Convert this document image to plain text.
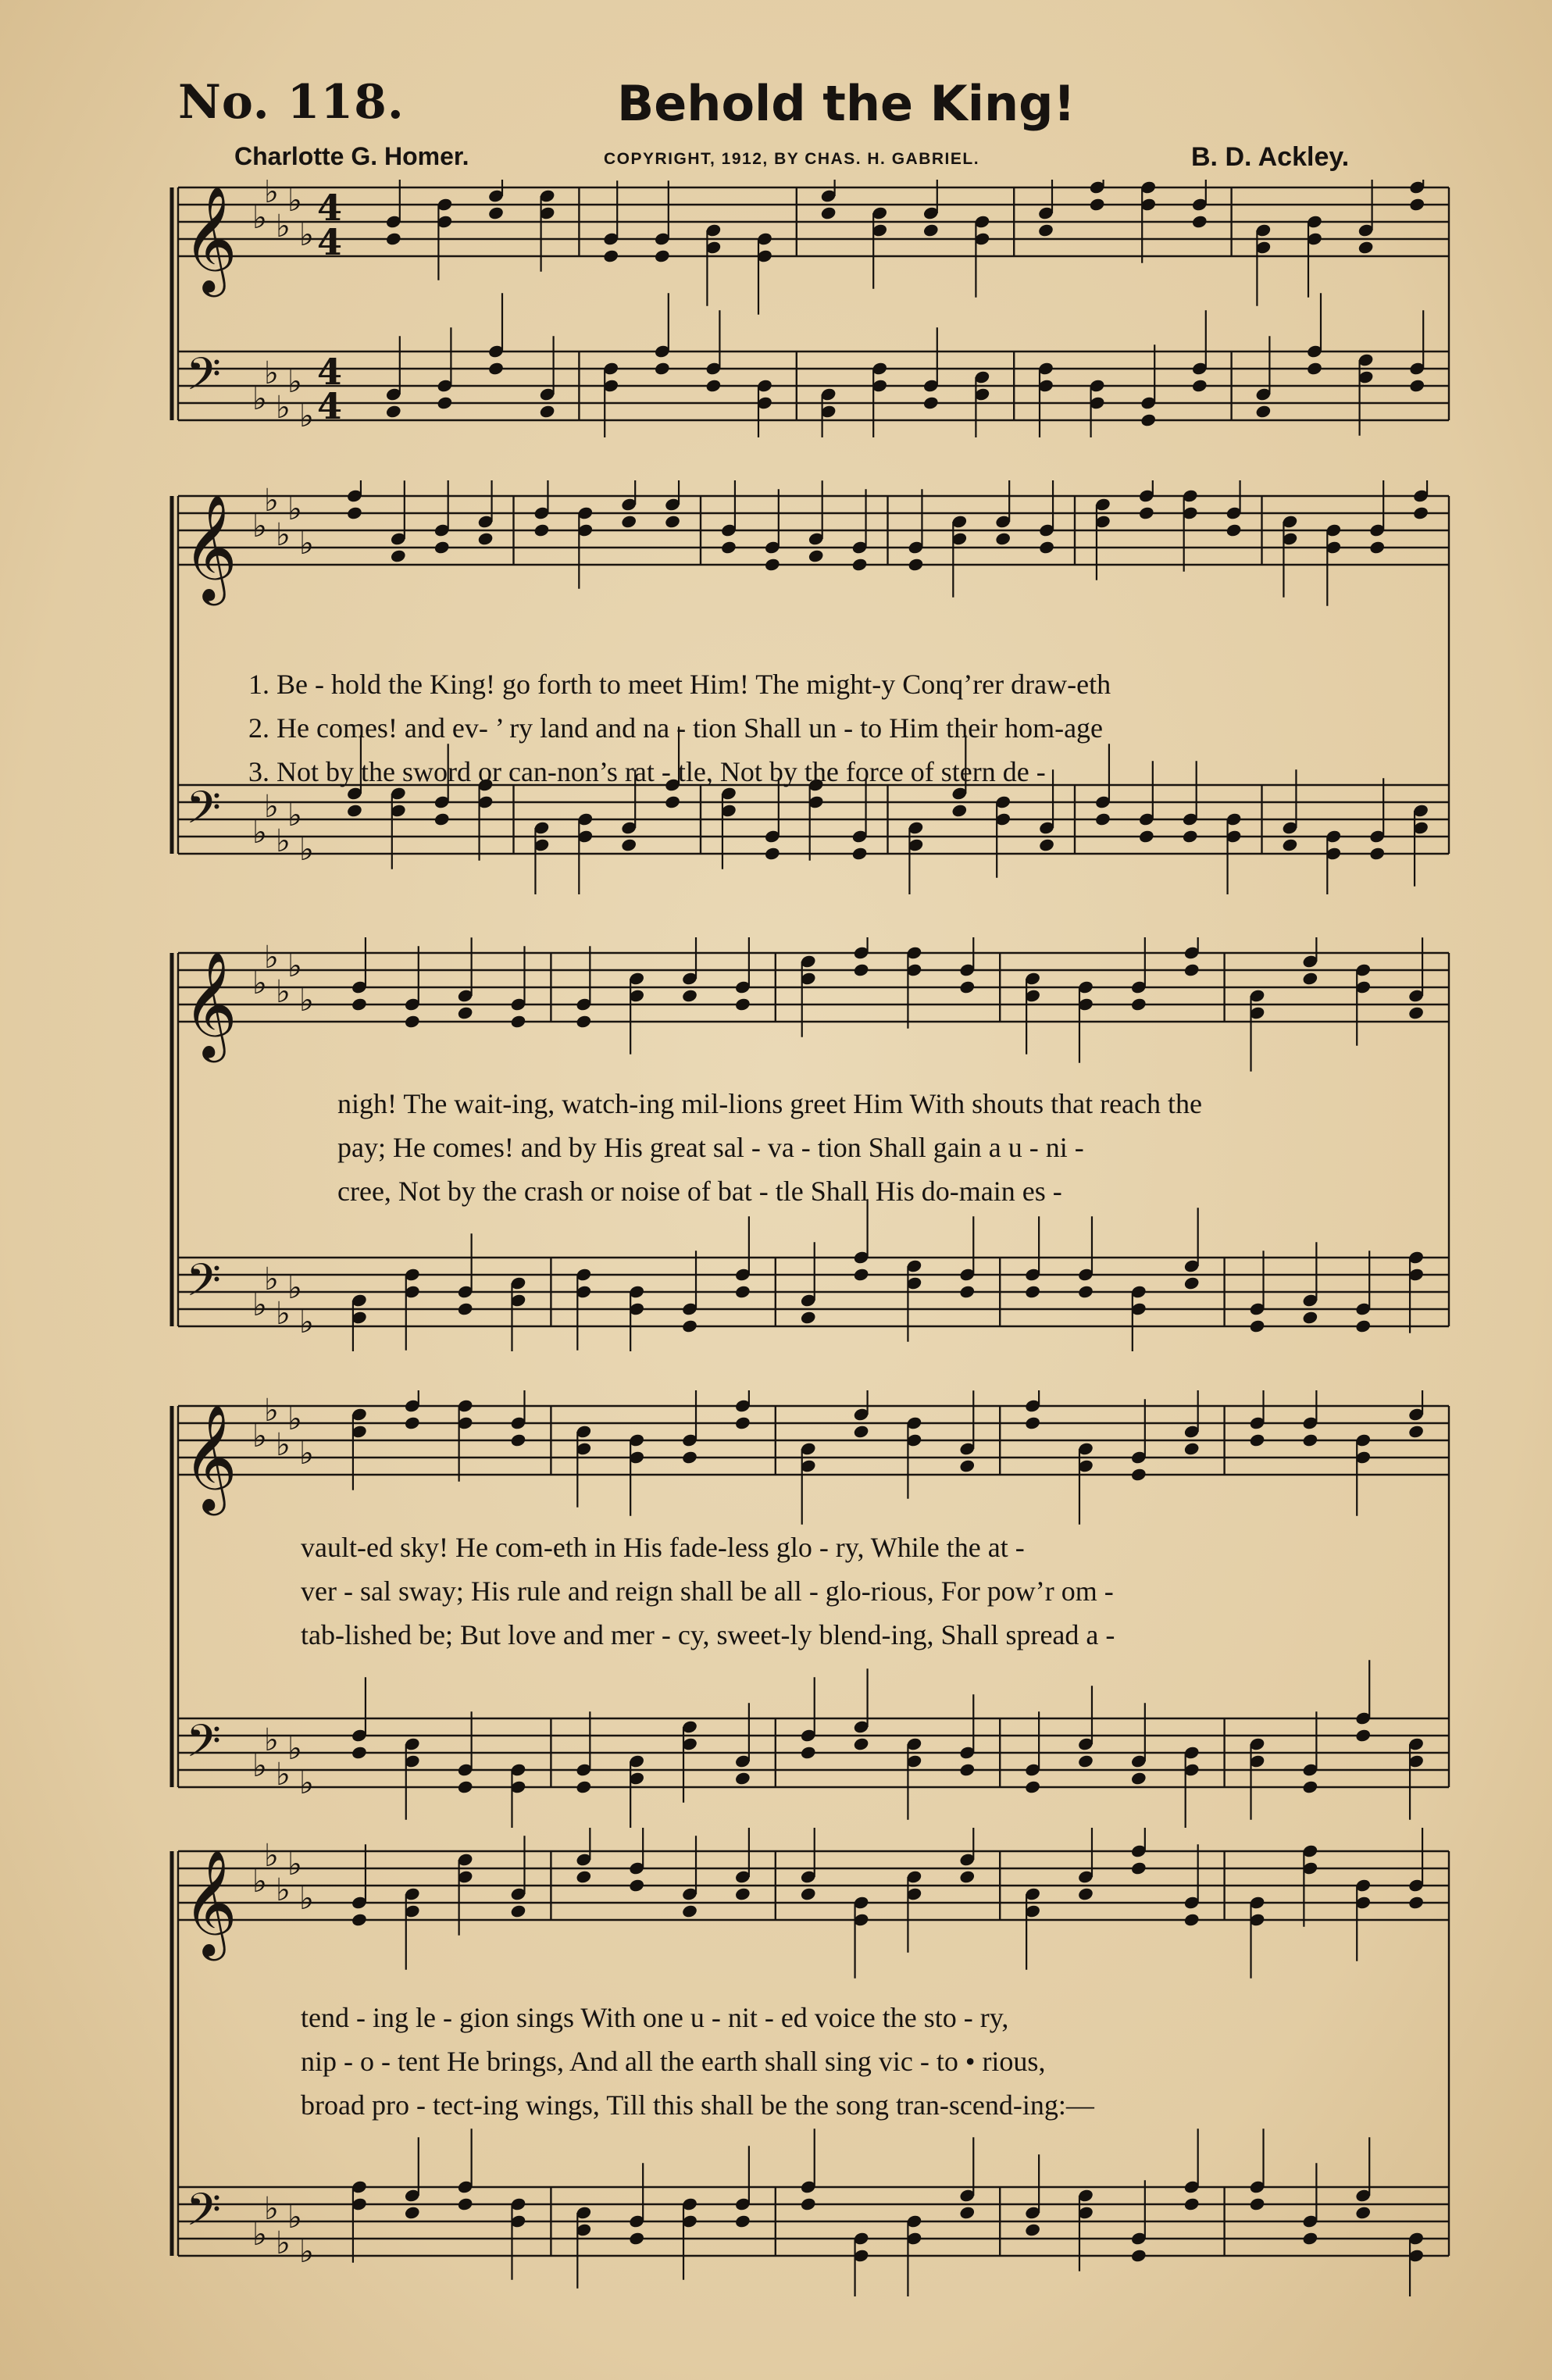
No. 118.	Behold the King!
Charlotte G. Homer.	COPYRIGHT, 1912, BY CHAS. H. GABRIEL.	B. D. Ackley.
𝄞
𝄢
♭
♭
♭
♭
♭
♭
♭
♭
♭
♭
4
4
4
4
𝄞
𝄢
♭
♭
♭
♭
♭
♭
♭
♭
♭
♭
1. Be - hold the King! go forth to meet Him! The might-y Conq’rer draw-eth
2. He comes! and ev- ’ ry land and na - tion Shall un - to Him their hom-age
3. Not by the sword or can-non’s rat - tle, Not by the force of stern de -
𝄞
𝄢
♭
♭
♭
♭
♭
♭
♭
♭
♭
♭
nigh! The wait-ing, watch-ing mil-lions greet Him With shouts that reach the
pay; He comes! and by His great sal - va - tion Shall gain a u - ni -
cree, Not by the crash or noise of bat - tle Shall His do-main es -
𝄞
𝄢
♭
♭
♭
♭
♭
♭
♭
♭
♭
♭
vault-ed sky! He com-eth in His fade-less glo - ry, While the at -
ver - sal sway; His rule and reign shall be all - glo-rious, For pow’r om -
tab-lished be; But love and mer - cy, sweet-ly blend-ing, Shall spread a -
𝄞
𝄢
♭
♭
♭
♭
♭
♭
♭
♭
♭
♭
tend - ing le - gion sings With one u - nit - ed voice the sto - ry,
nip - o - tent He brings, And all the earth shall sing vic - to • rious,
broad pro - tect-ing wings, Till this shall be the song tran-scend-ing:—
